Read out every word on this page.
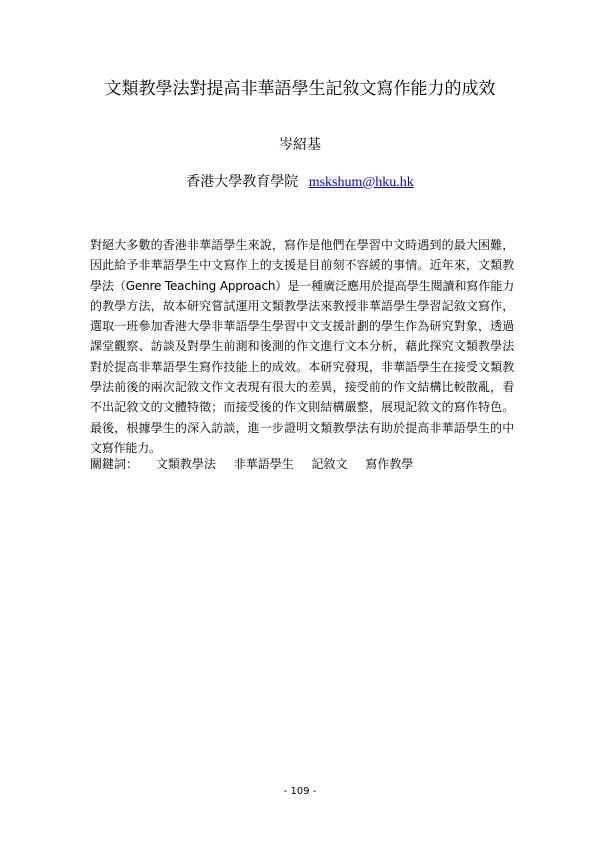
文類教學法對提高非華語學生記敘文寫作能力的成效
岑紹基
香港大學教育學院 mskshum@hku.hk
對絕大多數的香港非華語學生來說，寫作是他們在學習中文時遇到的最大困難，因此給予非華語學生中文寫作上的支援是目前刻不容緩的事情。近年來，文類教學法（Genre Teaching Approach）是一種廣泛應用於提高學生閱讀和寫作能力的教學方法，故本研究嘗試運用文類教學法來教授非華語學生學習記敘文寫作，選取一班參加香港大學非華語學生學習中文支援計劃的學生作為研究對象，透過課堂觀察、訪談及對學生前測和後測的作文進行文本分析，藉此探究文類教學法對於提高非華語學生寫作技能上的成效。本研究發現，非華語學生在接受文類教學法前後的兩次記敘文作文表現有很大的差異，接受前的作文結構比較散亂，看不出記敘文的文體特徵；而接受後的作文則結構嚴整，展現記敘文的寫作特色。最後，根據學生的深入訪談，進一步證明文類教學法有助於提高非華語學生的中文寫作能力。
關鍵詞： 文類教學法 非華語學生 記敘文 寫作教學
- 109 -
